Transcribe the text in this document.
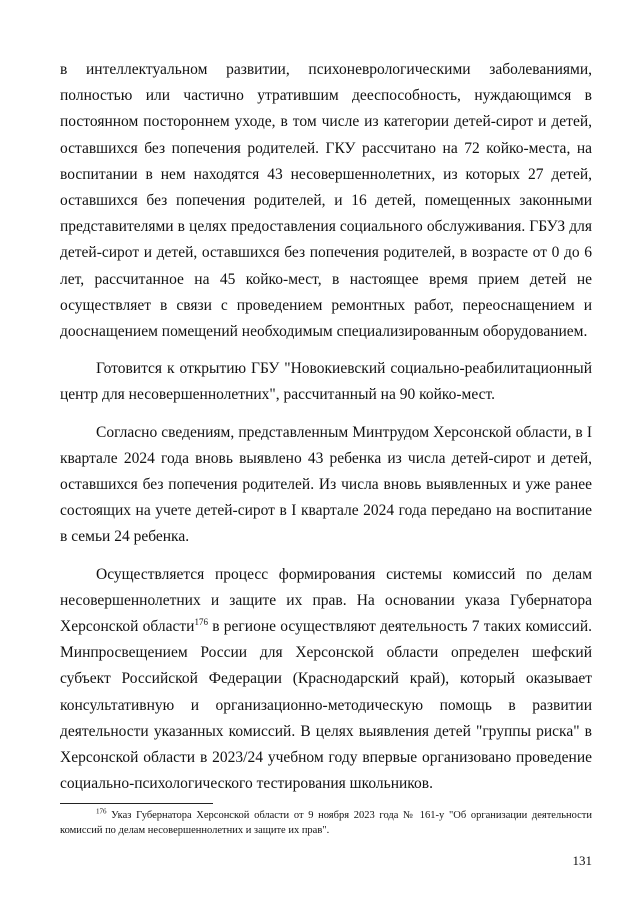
в интеллектуальном развитии, психоневрологическими заболеваниями, полностью или частично утратившим дееспособность, нуждающимся в постоянном постороннем уходе, в том числе из категории детей-сирот и детей, оставшихся без попечения родителей. ГКУ рассчитано на 72 койко-места, на воспитании в нем находятся 43 несовершеннолетних, из которых 27 детей, оставшихся без попечения родителей, и 16 детей, помещенных законными представителями в целях предоставления социального обслуживания. ГБУЗ для детей-сирот и детей, оставшихся без попечения родителей, в возрасте от 0 до 6 лет, рассчитанное на 45 койко-мест, в настоящее время прием детей не осуществляет в связи с проведением ремонтных работ, переоснащением и дооснащением помещений необходимым специализированным оборудованием.

Готовится к открытию ГБУ "Новокиевский социально-реабилитационный центр для несовершеннолетних", рассчитанный на 90 койко-мест.

Согласно сведениям, представленным Минтрудом Херсонской области, в I квартале 2024 года вновь выявлено 43 ребенка из числа детей-сирот и детей, оставшихся без попечения родителей. Из числа вновь выявленных и уже ранее состоящих на учете детей-сирот в I квартале 2024 года передано на воспитание в семьи 24 ребенка.

Осуществляется процесс формирования системы комиссий по делам несовершеннолетних и защите их прав. На основании указа Губернатора Херсонской области$^{176}$ в регионе осуществляют деятельность 7 таких комиссий. Минпросвещением России для Херсонской области определен шефский субъект Российской Федерации (Краснодарский край), который оказывает консультативную и организационно-методическую помощь в развитии деятельности указанных комиссий. В целях выявления детей "группы риска" в Херсонской области в 2023/24 учебном году впервые организовано проведение социально-психологического тестирования школьников.

$^{176}$ Указ Губернатора Херсонской области от 9 ноября 2023 года № 161-у "Об организации деятельности комиссий по делам несовершеннолетних и защите их прав".

131
